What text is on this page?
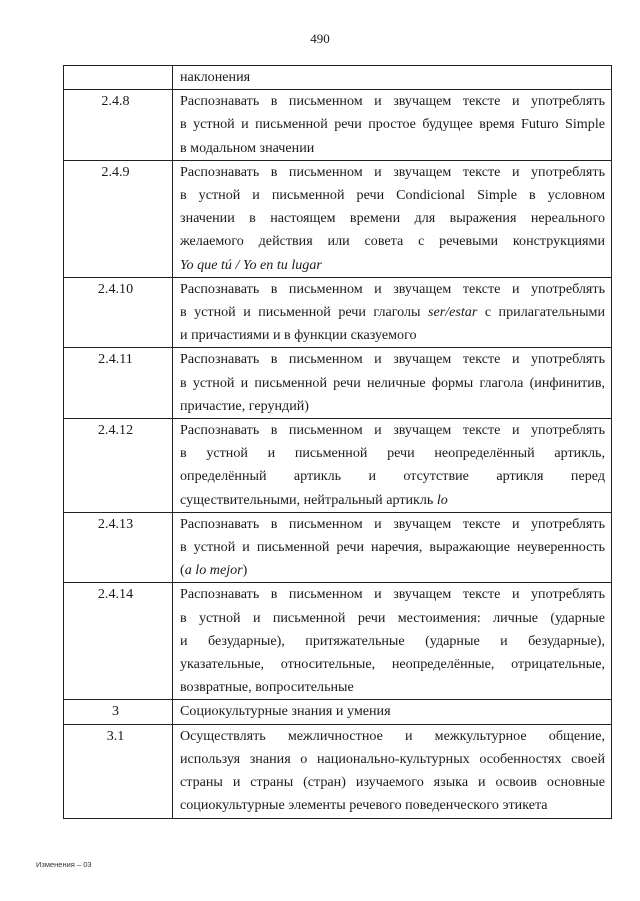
490

	наклонения

2.4.8	Распознавать в письменном и звучащем тексте и употреблять
в устной и письменной речи простое будущее время Futuro Simple
в модальном значении

2.4.9	Распознавать в письменном и звучащем тексте и употреблять
в устной и письменной речи Condicional Simple в условном
значении в настоящем времени для выражения нереального
желаемого действия или совета с речевыми конструкциями
Yo que tú / Yo en tu lugar

2.4.10	Распознавать в письменном и звучащем тексте и употреблять
в устной и письменной речи глаголы ser/estar с прилагательными
и причастиями и в функции сказуемого

2.4.11	Распознавать в письменном и звучащем тексте и употреблять
в устной и письменной речи неличные формы глагола (инфинитив,
причастие, герундий)

2.4.12	Распознавать в письменном и звучащем тексте и употреблять
в устной и письменной речи неопределённый артикль,
определённый артикль и отсутствие артикля перед
существительными, нейтральный артикль lo

2.4.13	Распознавать в письменном и звучащем тексте и употреблять
в устной и письменной речи наречия, выражающие неуверенность
(a lo mejor)

2.4.14	Распознавать в письменном и звучащем тексте и употреблять
в устной и письменной речи местоимения: личные (ударные
и безударные), притяжательные (ударные и безударные),
указательные, относительные, неопределённые, отрицательные,
возвратные, вопросительные

3	Социокультурные знания и умения

3.1	Осуществлять межличностное и межкультурное общение,
используя знания о национально-культурных особенностях своей
страны и страны (стран) изучаемого языка и освоив основные
социокультурные элементы речевого поведенческого этикета
Изменения – 03
